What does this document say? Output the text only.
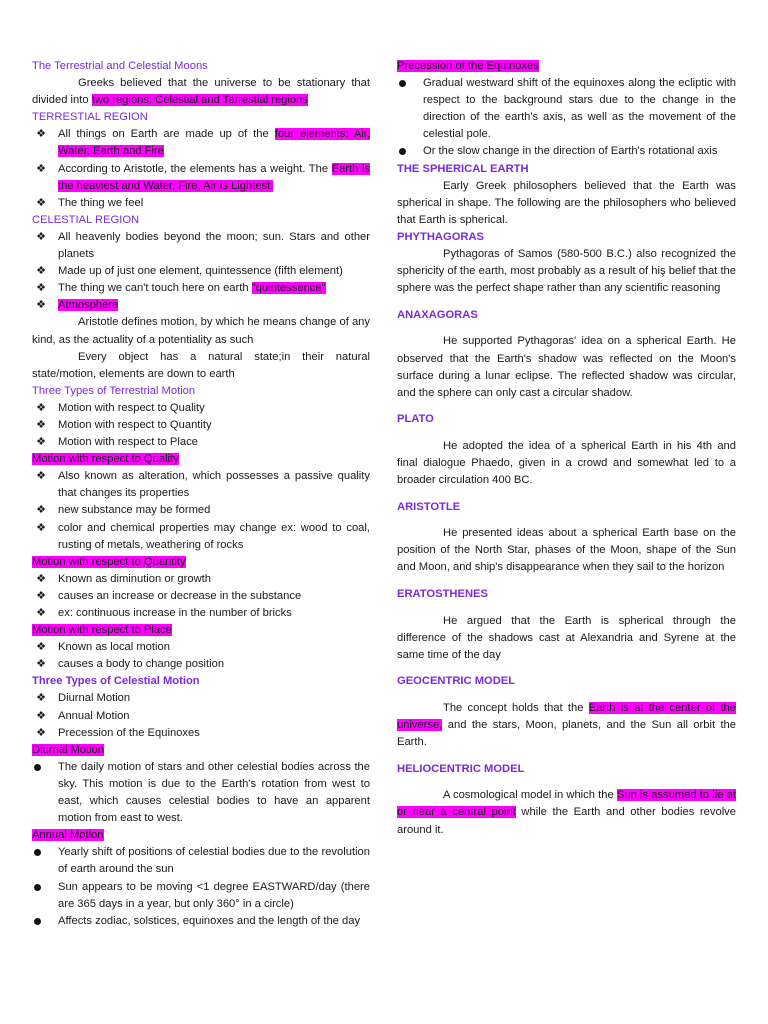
The Terrestrial and Celestial Moons

Greeks believed that the universe to be stationary that divided into two regions: Celestial and Terrestial regions

TERRESTIAL REGION
❖ All things on Earth are made up of the four elements: Air, Water, Earth and Fire
❖ According to Aristotle, the elements has a weight. The Earth is the heaviest and Water, Fire, Air is Lightest.
❖ The thing we feel
CELESTIAL REGION
❖ All heavenly bodies beyond the moon; sun. Stars and other planets
❖ Made up of just one element, quintessence (fifth element)
❖ The thing we can't touch here on earth "quintessence"
❖ Atmosphere

Aristotle defines motion, by which he means change of any kind, as the actuality of a potentiality as such

Every object has a natural state;in their natural state/motion, elements are down to earth

Three Types of Terrestrial Motion
❖ Motion with respect to Quality
❖ Motion with respect to Quantity
❖ Motion with respect to Place
Motion with respect to Quality
❖ Also known as alteration, which possesses a passive quality that changes its properties
❖ new substance may be formed
❖ color and chemical properties may change ex: wood to coal, rusting of metals, weathering of rocks
Motion with respect to Quantity
❖ Known as diminution or growth
❖ causes an increase or decrease in the substance
❖ ex: continuous increase in the number of bricks
Motion with respect to Place
❖ Known as local motion
❖ causes a body to change position
Three Types of Celestial Motion
❖ Diurnal Motion
❖ Annual Motion
❖ Precession of the Equinoxes
Diurnal Motion
The daily motion of stars and other celestial bodies across the sky. This motion is due to the Earth's rotation from west to east, which causes celestial bodies to have an apparent motion from east to west.
Annual Motion
Yearly shift of positions of celestial bodies due to the revolution of earth around the sun
Sun appears to be moving <1 degree EASTWARD/day (there are 365 days in a year, but only 360° in a circle)
Affects zodiac, solstices, equinoxes and the length of the day
Precession of the Equinoxes
Gradual westward shift of the equinoxes along the ecliptic with respect to the background stars due to the change in the direction of the earth's axis, as well as the movement of the celestial pole.
Or the slow change in the direction of Earth's rotational axis
THE SPHERICAL EARTH

Early Greek philosophers believed that the Earth was spherical in shape. The following are the philosophers who believed that Earth is spherical.

PHYTHAGORAS

Pythagoras of Samos (580-500 B.C.) also recognized the sphericity of the earth, most probably as a result of hiş belief that the sphere was the perfect shape rather than any scientific reasoning

ANAXAGORAS

He supported Pythagoras' idea on a spherical Earth. He observed that the Earth's shadow was reflected on the Moon's surface during a lunar eclipse. The reflected shadow was circular, and the sphere can only cast a circular shadow.

PLATO

He adopted the idea of a spherical Earth in his 4th and final dialogue Phaedo, given in a crowd and somewhat led to a broader circulation 400 BC.

ARISTOTLE

He presented ideas about a spherical Earth base on the position of the North Star, phases of the Moon, shape of the Sun and Moon, and ship's disappearance when they sail to the horizon

ERATOSTHENES

He argued that the Earth is spherical through the difference of the shadows cast at Alexandria and Syrene at the same time of the day

GEOCENTRIC MODEL

The concept holds that the Earth is at the center of the universe, and the stars, Moon, planets, and the Sun all orbit the Earth.

HELIOCENTRIC MODEL

A cosmological model in which the Sun is assumed to lie at or near a central point while the Earth and other bodies revolve around it.
